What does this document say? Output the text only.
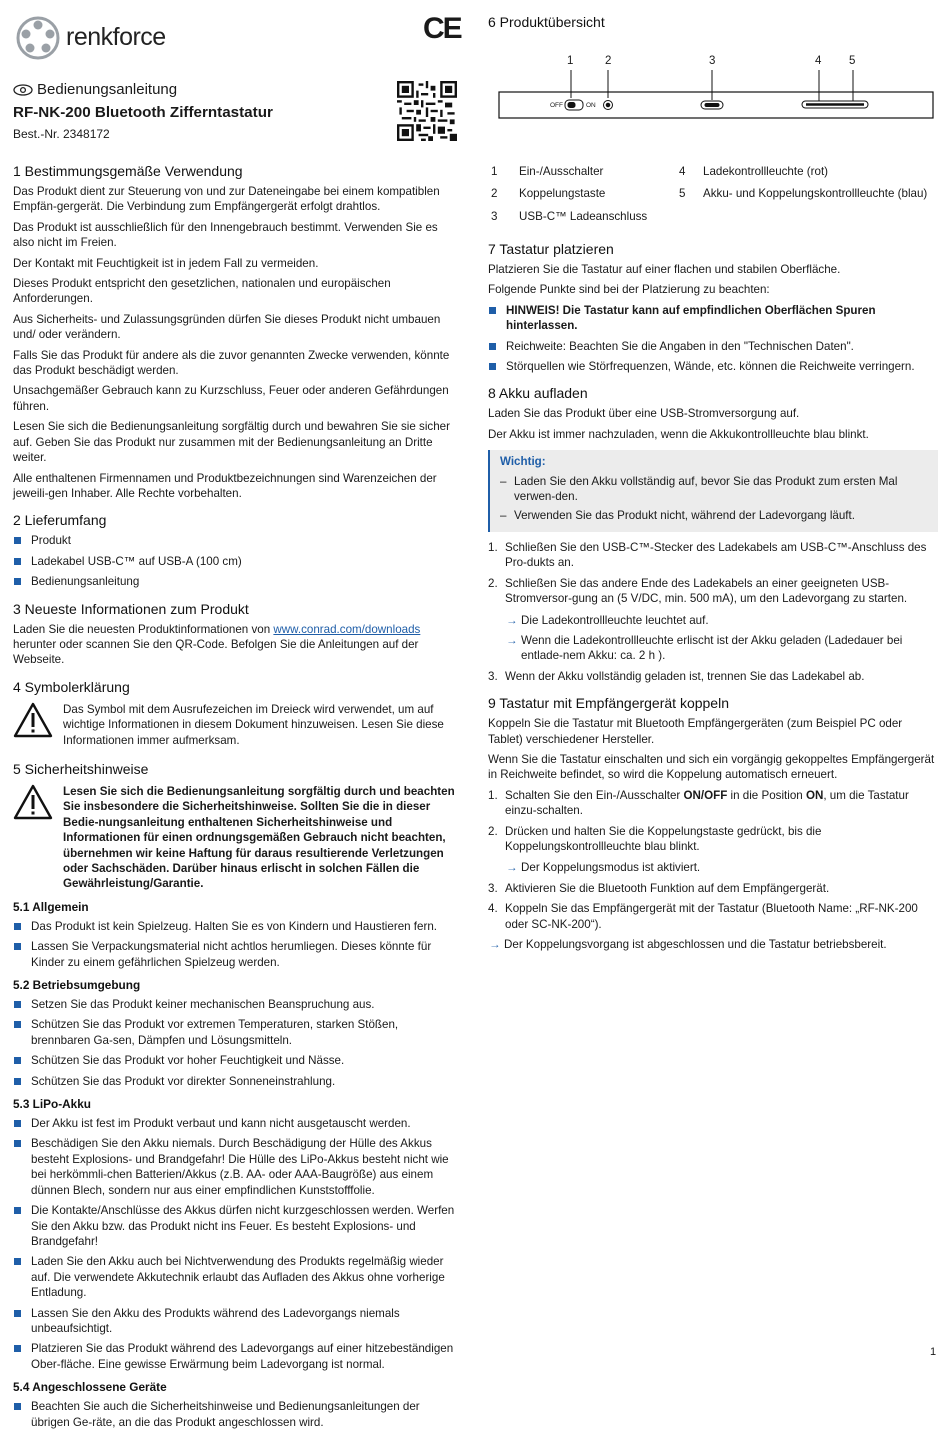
renkforce	CE
Bedienungsanleitung
RF-NK-200 Bluetooth Zifferntastatur
Best.-Nr. 2348172
1 Bestimmungsgemäße Verwendung

Das Produkt dient zur Steuerung von und zur Dateneingabe bei einem kompatiblen Empfän-gergerät. Die Verbindung zum Empfängergerät erfolgt drahtlos.

Das Produkt ist ausschließlich für den Innengebrauch bestimmt. Verwenden Sie es also nicht im Freien.

Der Kontakt mit Feuchtigkeit ist in jedem Fall zu vermeiden.

Dieses Produkt entspricht den gesetzlichen, nationalen und europäischen Anforderungen.

Aus Sicherheits- und Zulassungsgründen dürfen Sie dieses Produkt nicht umbauen und/ oder verändern.

Falls Sie das Produkt für andere als die zuvor genannten Zwecke verwenden, könnte das Produkt beschädigt werden.

Unsachgemäßer Gebrauch kann zu Kurzschluss, Feuer oder anderen Gefährdungen führen.

Lesen Sie sich die Bedienungsanleitung sorgfältig durch und bewahren Sie sie sicher auf. Geben Sie das Produkt nur zusammen mit der Bedienungsanleitung an Dritte weiter.

Alle enthaltenen Firmennamen und Produktbezeichnungen sind Warenzeichen der jeweili-gen Inhaber. Alle Rechte vorbehalten.

2 Lieferumfang
Produkt
Ladekabel USB-C™ auf USB-A (100 cm)
Bedienungsanleitung
3 Neueste Informationen zum Produkt

Laden Sie die neuesten Produktinformationen von www.conrad.com/downloads herunter oder scannen Sie den QR-Code. Befolgen Sie die Anleitungen auf der Webseite.

4 Symbolerklärung
Das Symbol mit dem Ausrufezeichen im Dreieck wird verwendet, um auf wichtige Informationen in diesem Dokument hinzuweisen. Lesen Sie diese Informationen immer aufmerksam.
5 Sicherheitshinweise
Lesen Sie sich die Bedienungsanleitung sorgfältig durch und beachten Sie insbesondere die Sicherheitshinweise. Sollten Sie die in dieser Bedie-nungsanleitung enthaltenen Sicherheitshinweise und Informationen für einen ordnungsgemäßen Gebrauch nicht beachten, übernehmen wir keine Haftung für daraus resultierende Verletzungen oder Sachschäden. Darüber hinaus erlischt in solchen Fällen die Gewährleistung/Garantie.
5.1 Allgemein
Das Produkt ist kein Spielzeug. Halten Sie es von Kindern und Haustieren fern.
Lassen Sie Verpackungsmaterial nicht achtlos herumliegen. Dieses könnte für Kinder zu einem gefährlichen Spielzeug werden.
5.2 Betriebsumgebung
Setzen Sie das Produkt keiner mechanischen Beanspruchung aus.
Schützen Sie das Produkt vor extremen Temperaturen, starken Stößen, brennbaren Ga-sen, Dämpfen und Lösungsmitteln.
Schützen Sie das Produkt vor hoher Feuchtigkeit und Nässe.
Schützen Sie das Produkt vor direkter Sonneneinstrahlung.
5.3 LiPo-Akku
Der Akku ist fest im Produkt verbaut und kann nicht ausgetauscht werden.
Beschädigen Sie den Akku niemals. Durch Beschädigung der Hülle des Akkus besteht Explosions- und Brandgefahr! Die Hülle des LiPo-Akkus besteht nicht wie bei herkömmli-chen Batterien/Akkus (z.B. AA- oder AAA-Baugröße) aus einem dünnen Blech, sondern nur aus einer empfindlichen Kunststofffolie.
Die Kontakte/Anschlüsse des Akkus dürfen nicht kurzgeschlossen werden. Werfen Sie den Akku bzw. das Produkt nicht ins Feuer. Es besteht Explosions- und Brandgefahr!
Laden Sie den Akku auch bei Nichtverwendung des Produkts regelmäßig wieder auf. Die verwendete Akkutechnik erlaubt das Aufladen des Akkus ohne vorherige Entladung.
Lassen Sie den Akku des Produkts während des Ladevorgangs niemals unbeaufsichtigt.
Platzieren Sie das Produkt während des Ladevorgangs auf einer hitzebeständigen Ober-fläche. Eine gewisse Erwärmung beim Ladevorgang ist normal.
5.4 Angeschlossene Geräte
Beachten Sie auch die Sicherheitshinweise und Bedienungsanleitungen der übrigen Ge-räte, an die das Produkt angeschlossen wird.
6 Produktübersicht
1	2	3	4 5
OFF	ON
1	Ein-/Ausschalter	4	Ladekontrollleuchte (rot)
2	Koppelungstaste	5	Akku- und Koppelungskontrollleuchte (blau)
3	USB-C™ Ladeanschluss
7 Tastatur platzieren

Platzieren Sie die Tastatur auf einer flachen und stabilen Oberfläche.

Folgende Punkte sind bei der Platzierung zu beachten:

HINWEIS! Die Tastatur kann auf empfindlichen Oberflächen Spuren hinterlassen.
Reichweite: Beachten Sie die Angaben in den "Technischen Daten".
Störquellen wie Störfrequenzen, Wände, etc. können die Reichweite verringern.
8 Akku aufladen

Laden Sie das Produkt über eine USB-Stromversorgung auf.

Der Akku ist immer nachzuladen, wenn die Akkukontrollleuchte blau blinkt.

Wichtig:
– Laden Sie den Akku vollständig auf, bevor Sie das Produkt zum ersten Mal verwen-den.
– Verwenden Sie das Produkt nicht, während der Ladevorgang läuft.
1. Schließen Sie den USB-C™-Stecker des Ladekabels am USB-C™-Anschluss des Pro-dukts an.
2. Schließen Sie das andere Ende des Ladekabels an einer geeigneten USB-Stromversor-gung an (5 V/DC, min. 500 mA), um den Ladevorgang zu starten.
→ Die Ladekontrollleuchte leuchtet auf.
→ Wenn die Ladekontrollleuchte erlischt ist der Akku geladen (Ladedauer bei entlade-nem Akku: ca. 2 h ).
3. Wenn der Akku vollständig geladen ist, trennen Sie das Ladekabel ab.
9 Tastatur mit Empfängergerät koppeln

Koppeln Sie die Tastatur mit Bluetooth Empfängergeräten (zum Beispiel PC oder Tablet) verschiedener Hersteller.

Wenn Sie die Tastatur einschalten und sich ein vorgängig gekoppeltes Empfängergerät in Reichweite befindet, so wird die Koppelung automatisch erneuert.

1. Schalten Sie den Ein-/Ausschalter ON/OFF in die Position ON, um die Tastatur einzu-schalten.
2. Drücken und halten Sie die Koppelungstaste gedrückt, bis die Koppelungskontrollleuchte blau blinkt.
→ Der Koppelungsmodus ist aktiviert.
3. Aktivieren Sie die Bluetooth Funktion auf dem Empfängergerät.
4. Koppeln Sie das Empfängergerät mit der Tastatur (Bluetooth Name: „RF-NK-200 oder SC-NK-200“).
→ Der Koppelungsvorgang ist abgeschlossen und die Tastatur betriebsbereit.
1
